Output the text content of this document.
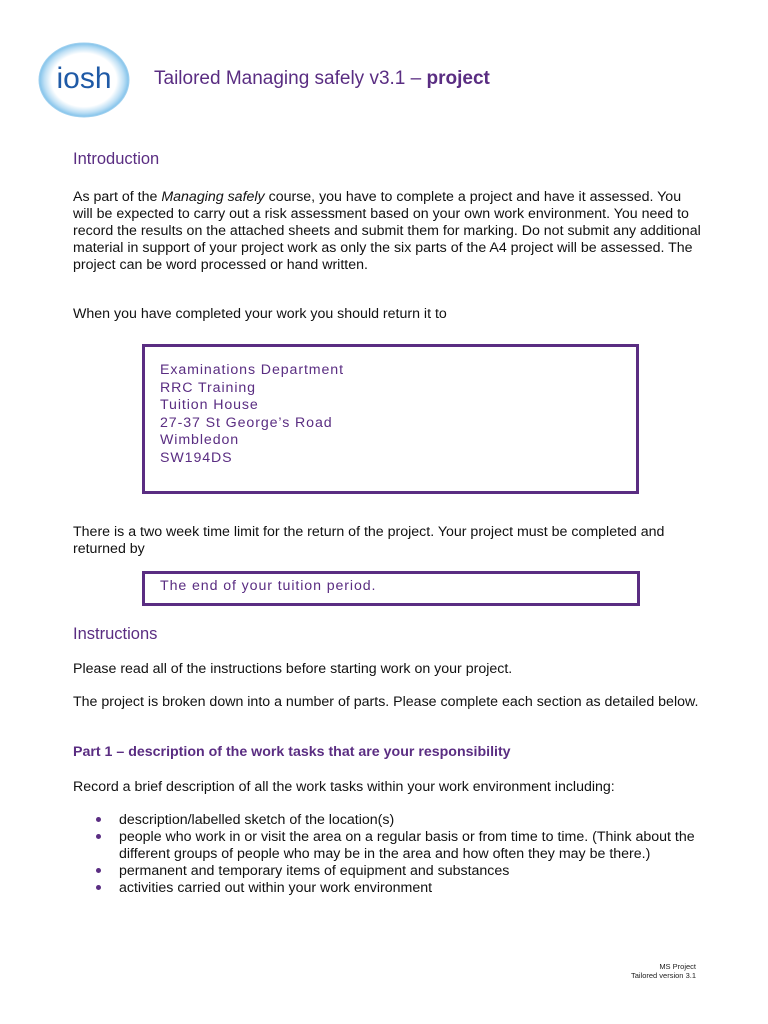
iosh Tailored Managing safely v3.1 – project
Introduction

As part of the Managing safely course, you have to complete a project and have it assessed. You will be expected to carry out a risk assessment based on your own work environment. You need to record the results on the attached sheets and submit them for marking. Do not submit any additional material in support of your project work as only the six parts of the A4 project will be assessed. The project can be word processed or hand written.

When you have completed your work you should return it to

Examinations Department
RRC Training
Tuition House
27-37 St George’s Road
Wimbledon
SW194DS

There is a two week time limit for the return of the project. Your project must be completed and returned by

The end of your tuition period.
Instructions

Please read all of the instructions before starting work on your project.

The project is broken down into a number of parts. Please complete each section as detailed below.

Part 1 – description of the work tasks that are your responsibility

Record a brief description of all the work tasks within your work environment including:

description/labelled sketch of the location(s)
people who work in or visit the area on a regular basis or from time to time. (Think about the different groups of people who may be in the area and how often they may be there.)
permanent and temporary items of equipment and substances
activities carried out within your work environment
MS Project
Tailored version 3.1
